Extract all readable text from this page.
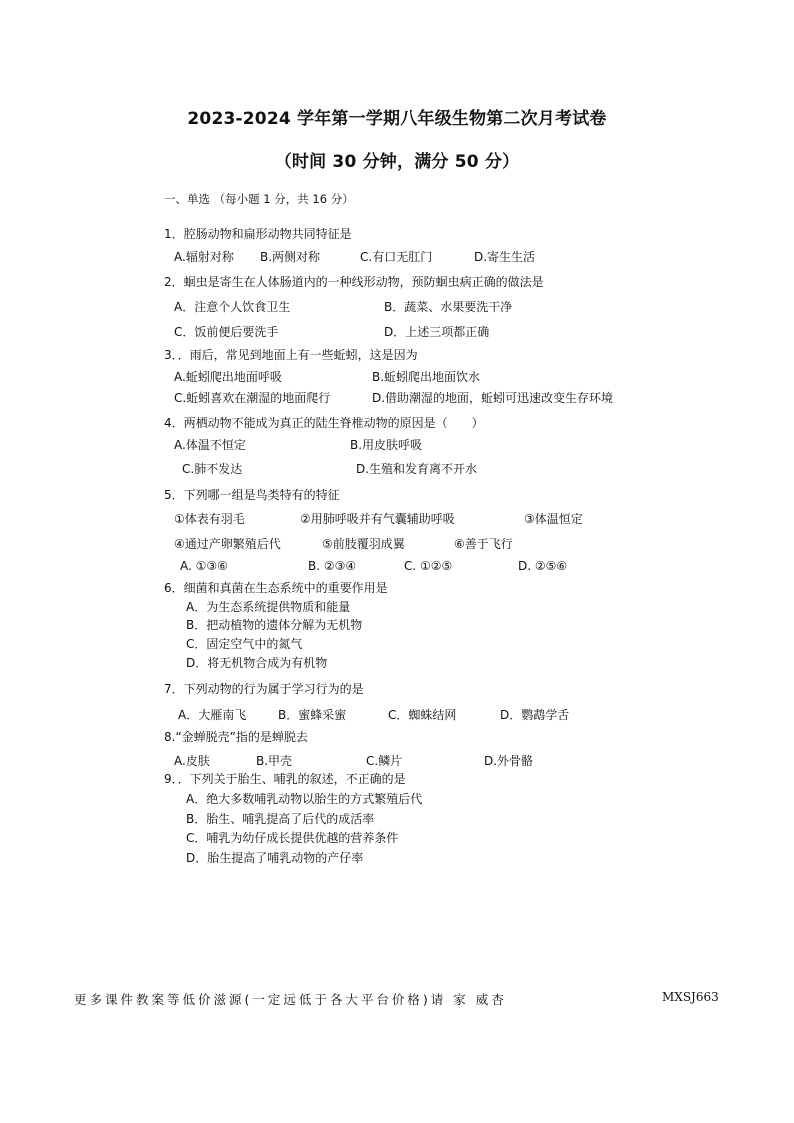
2023-2024 学年第一学期八年级生物第二次月考试卷
（时间 30 分钟，满分 50 分）
一、单选 （每小题 1 分，共 16 分）
1．腔肠动物和扁形动物共同特征是
A.辐射对称 B.两侧对称	C.有口无肛门	D.寄生生活
2．蛔虫是寄生在人体肠道内的一种线形动物，预防蛔虫病正确的做法是
A．注意个人饮食卫生	B．蔬菜、水果要洗干净
C．饭前便后要洗手	D．上述三项都正确
3．．雨后，常见到地面上有一些蚯蚓，这是因为
A.蚯蚓爬出地面呼吸	B.蚯蚓爬出地面饮水
C.蚯蚓喜欢在潮湿的地面爬行	D.借助潮湿的地面，蚯蚓可迅速改变生存环境
4．两栖动物不能成为真正的陆生脊椎动物的原因是（　　）
A.体温不恒定	B.用皮肤呼吸
C.肺不发达	D.生殖和发育离不开水
5．下列哪一组是鸟类特有的特征
①体表有羽毛	②用肺呼吸并有气囊辅助呼吸	③体温恒定
④通过产卵繁殖后代	⑤前肢覆羽成翼	⑥善于飞行
A. ①③⑥	B. ②③④	C. ①②⑤	D. ②⑤⑥
6．细菌和真菌在生态系统中的重要作用是
A．为生态系统提供物质和能量
B．把动植物的遗体分解为无机物
C．固定空气中的氮气
D．将无机物合成为有机物
7．下列动物的行为属于学习行为的是
A．大雁南飞	B．蜜蜂采蜜	C．蜘蛛结网	D．鹦鹉学舌
8.“金蝉脱壳”指的是蝉脱去
A.皮肤	B.甲壳	C.鳞片	D.外骨骼
9．．下列关于胎生、哺乳的叙述，不正确的是
A．绝大多数哺乳动物以胎生的方式繁殖后代
B．胎生、哺乳提高了后代的成活率
C．哺乳为幼仔成长提供优越的营养条件
D．胎生提高了哺乳动物的产仔率
更多课件教案等低价滋源(一定远低于各大平台价格)请 家 威杏	MXSJ663
